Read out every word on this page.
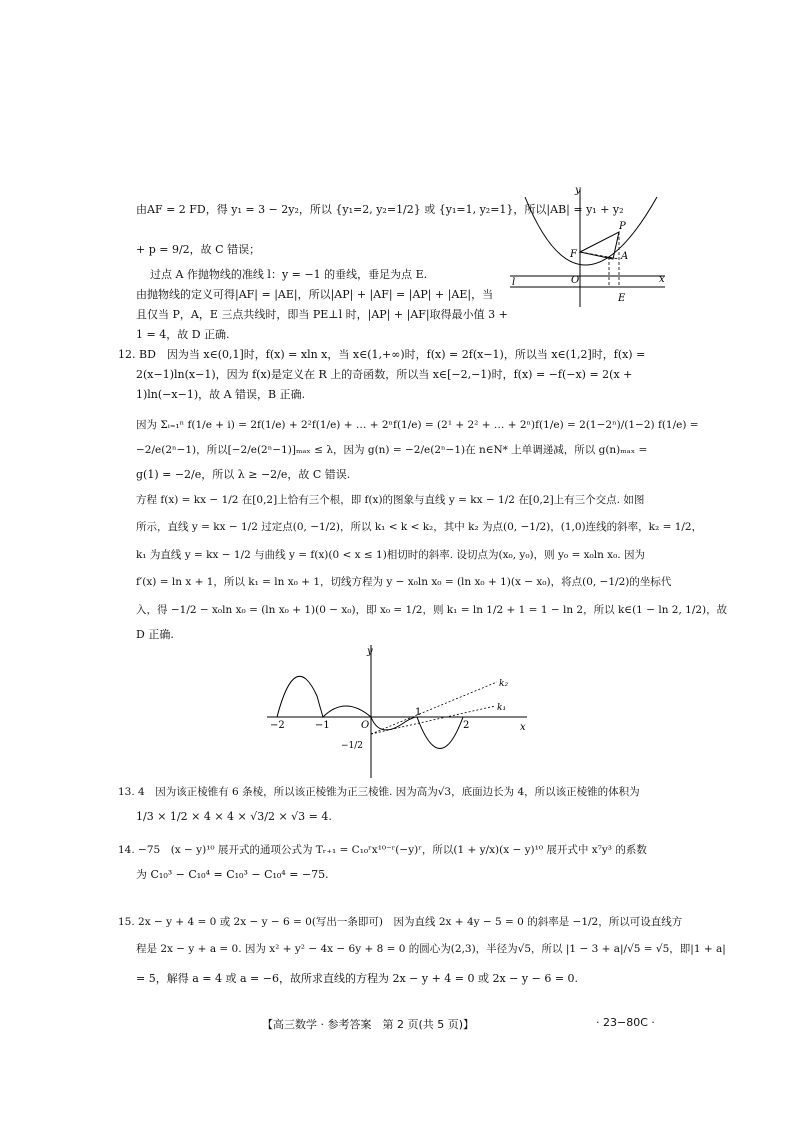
由AF = 2 FD，得 y₁ = 3 − 2y₂，所以 {y₁=2, y₂=1/2} 或 {y₁=1, y₂=1}，所以|AB| = y₁ + y₂
+ p = 9/2，故 C 错误；
过点 A 作抛物线的准线 l：y = −1 的垂线，垂足为点 E.
由抛物线的定义可得|AF| = |AE|，所以|AP| + |AF| = |AP| + |AE|，当
且仅当 P，A，E 三点共线时，即当 PE⊥l 时，|AP| + |AF|取得最小值 3 +
1 = 4，故 D 正确.
y
x
P
F	A
O
E
l
12. BD　因为当 x∈(0,1]时，f(x) = xln x，当 x∈(1,+∞)时，f(x) = 2f(x−1)，所以当 x∈(1,2]时，f(x) =
2(x−1)ln(x−1)，因为 f(x)是定义在 R 上的奇函数，所以当 x∈[−2,−1)时，f(x) = −f(−x) = 2(x +
1)ln(−x−1)，故 A 错误，B 正确.
因为 Σᵢ₌₁ⁿ f(1/e + i) = 2f(1/e) + 2²f(1/e) + … + 2ⁿf(1/e) = (2¹ + 2² + … + 2ⁿ)f(1/e) = 2(1−2ⁿ)/(1−2) f(1/e) =
−2/e(2ⁿ−1)，所以[−2/e(2ⁿ−1)]ₘₐₓ ≤ λ，因为 g(n) = −2/e(2ⁿ−1)在 n∈N* 上单调递减，所以 g(n)ₘₐₓ =
g(1) = −2/e，所以 λ ≥ −2/e，故 C 错误.
方程 f(x) = kx − 1/2 在[0,2]上恰有三个根，即 f(x)的图象与直线 y = kx − 1/2 在[0,2]上有三个交点. 如图
所示，直线 y = kx − 1/2 过定点(0, −1/2)，所以 k₁ < k < k₂，其中 k₂ 为点(0, −1/2)，(1,0)连线的斜率，k₂ = 1/2，
k₁ 为直线 y = kx − 1/2 与曲线 y = f(x)(0 < x ≤ 1)相切时的斜率. 设切点为(x₀, y₀)，则 y₀ = x₀ln x₀. 因为
f′(x) = ln x + 1，所以 k₁ = ln x₀ + 1，切线方程为 y − x₀ln x₀ = (ln x₀ + 1)(x − x₀)，将点(0, −1/2)的坐标代
入，得 −1/2 − x₀ln x₀ = (ln x₀ + 1)(0 − x₀)，即 x₀ = 1/2，则 k₁ = ln 1/2 + 1 = 1 − ln 2，所以 k∈(1 − ln 2, 1/2)，故
D 正确.
y
x
k₂
k₁
O
−2	−1
1
2
−1/2
13. 4　因为该正棱锥有 6 条棱，所以该正棱锥为正三棱锥. 因为高为√3，底面边长为 4，所以该正棱锥的体积为
1/3 × 1/2 × 4 × 4 × √3/2 × √3 = 4.
14. −75　(x − y)¹⁰ 展开式的通项公式为 Tᵣ₊₁ = C₁₀ʳx¹⁰⁻ʳ(−y)ʳ，所以(1 + y/x)(x − y)¹⁰ 展开式中 x⁷y³ 的系数
为 C₁₀³ − C₁₀⁴ = C₁₀³ − C₁₀⁴ = −75.
15. 2x − y + 4 = 0 或 2x − y − 6 = 0(写出一条即可)　因为直线 2x + 4y − 5 = 0 的斜率是 −1/2，所以可设直线方
程是 2x − y + a = 0. 因为 x² + y² − 4x − 6y + 8 = 0 的圆心为(2,3)，半径为√5，所以 |1 − 3 + a|/√5 = √5，即|1 + a|
= 5，解得 a = 4 或 a = −6，故所求直线的方程为 2x − y + 4 = 0 或 2x − y − 6 = 0.
【高三数学 · 参考答案　第 2 页(共 5 页)】	· 23−80C ·
